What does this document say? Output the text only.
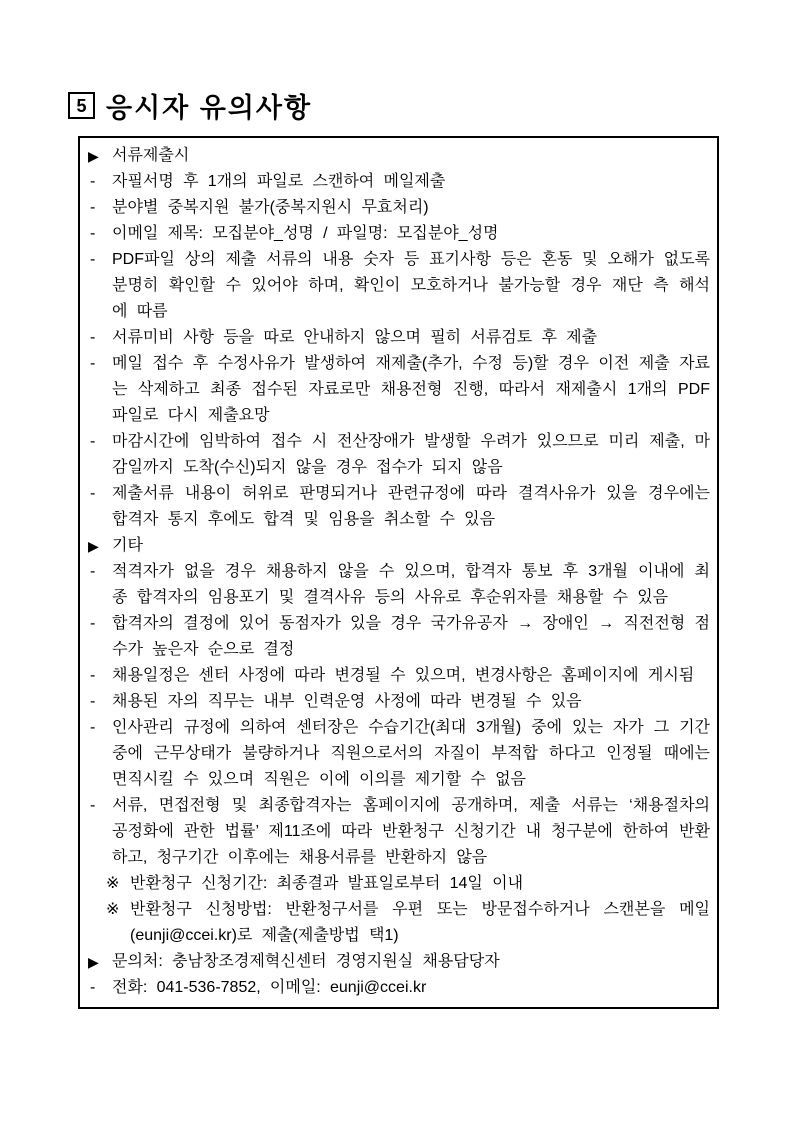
5 응시자 유의사항
▶ 서류제출시
-	자필서명 후 1개의 파일로 스캔하여 메일제출
-	분야별 중복지원 불가(중복지원시 무효처리)
-	이메일 제목: 모집분야_성명 / 파일명: 모집분야_성명
-	PDF파일 상의 제출 서류의 내용 숫자 등 표기사항 등은 혼동 및 오해가 없도록 분명히 확인할 수 있어야 하며, 확인이 모호하거나 불가능할 경우 재단 측 해석에 따름
-	서류미비 사항 등을 따로 안내하지 않으며 필히 서류검토 후 제출
-	메일 접수 후 수정사유가 발생하여 재제출(추가, 수정 등)할 경우 이전 제출 자료는 삭제하고 최종 접수된 자료로만 채용전형 진행, 따라서 재제출시 1개의 PDF파일로 다시 제출요망
-	마감시간에 임박하여 접수 시 전산장애가 발생할 우려가 있으므로 미리 제출, 마감일까지 도착(수신)되지 않을 경우 접수가 되지 않음
-	제출서류 내용이 허위로 판명되거나 관련규정에 따라 결격사유가 있을 경우에는 합격자 통지 후에도 합격 및 임용을 취소할 수 있음
▶ 기타
-	적격자가 없을 경우 채용하지 않을 수 있으며, 합격자 통보 후 3개월 이내에 최종 합격자의 임용포기 및 결격사유 등의 사유로 후순위자를 채용할 수 있음
-	합격자의 결정에 있어 동점자가 있을 경우 국가유공자 → 장애인 → 직전전형 점수가 높은자 순으로 결정
-	채용일정은 센터 사정에 따라 변경될 수 있으며, 변경사항은 홈페이지에 게시됨
-	채용된 자의 직무는 내부 인력운영 사정에 따라 변경될 수 있음
-	인사관리 규정에 의하여 센터장은 수습기간(최대 3개월) 중에 있는 자가 그 기간 중에 근무상태가 불량하거나 직원으로서의 자질이 부적합 하다고 인정될 때에는 면직시킬 수 있으며 직원은 이에 이의를 제기할 수 없음
-	서류, 면접전형 및 최종합격자는 홈페이지에 공개하며, 제출 서류는 ‘채용절차의 공정화에 관한 법률’ 제11조에 따라 반환청구 신청기간 내 청구분에 한하여 반환하고, 청구기간 이후에는 채용서류를 반환하지 않음
※ 반환청구 신청기간: 최종결과 발표일로부터 14일 이내
※ 반환청구 신청방법: 반환청구서를 우편 또는 방문접수하거나 스캔본을 메일 (eunji@ccei.kr)로 제출(제출방법 택1)
▶ 문의처: 충남창조경제혁신센터 경영지원실 채용담당자
-	전화: 041-536-7852, 이메일: eunji@ccei.kr
